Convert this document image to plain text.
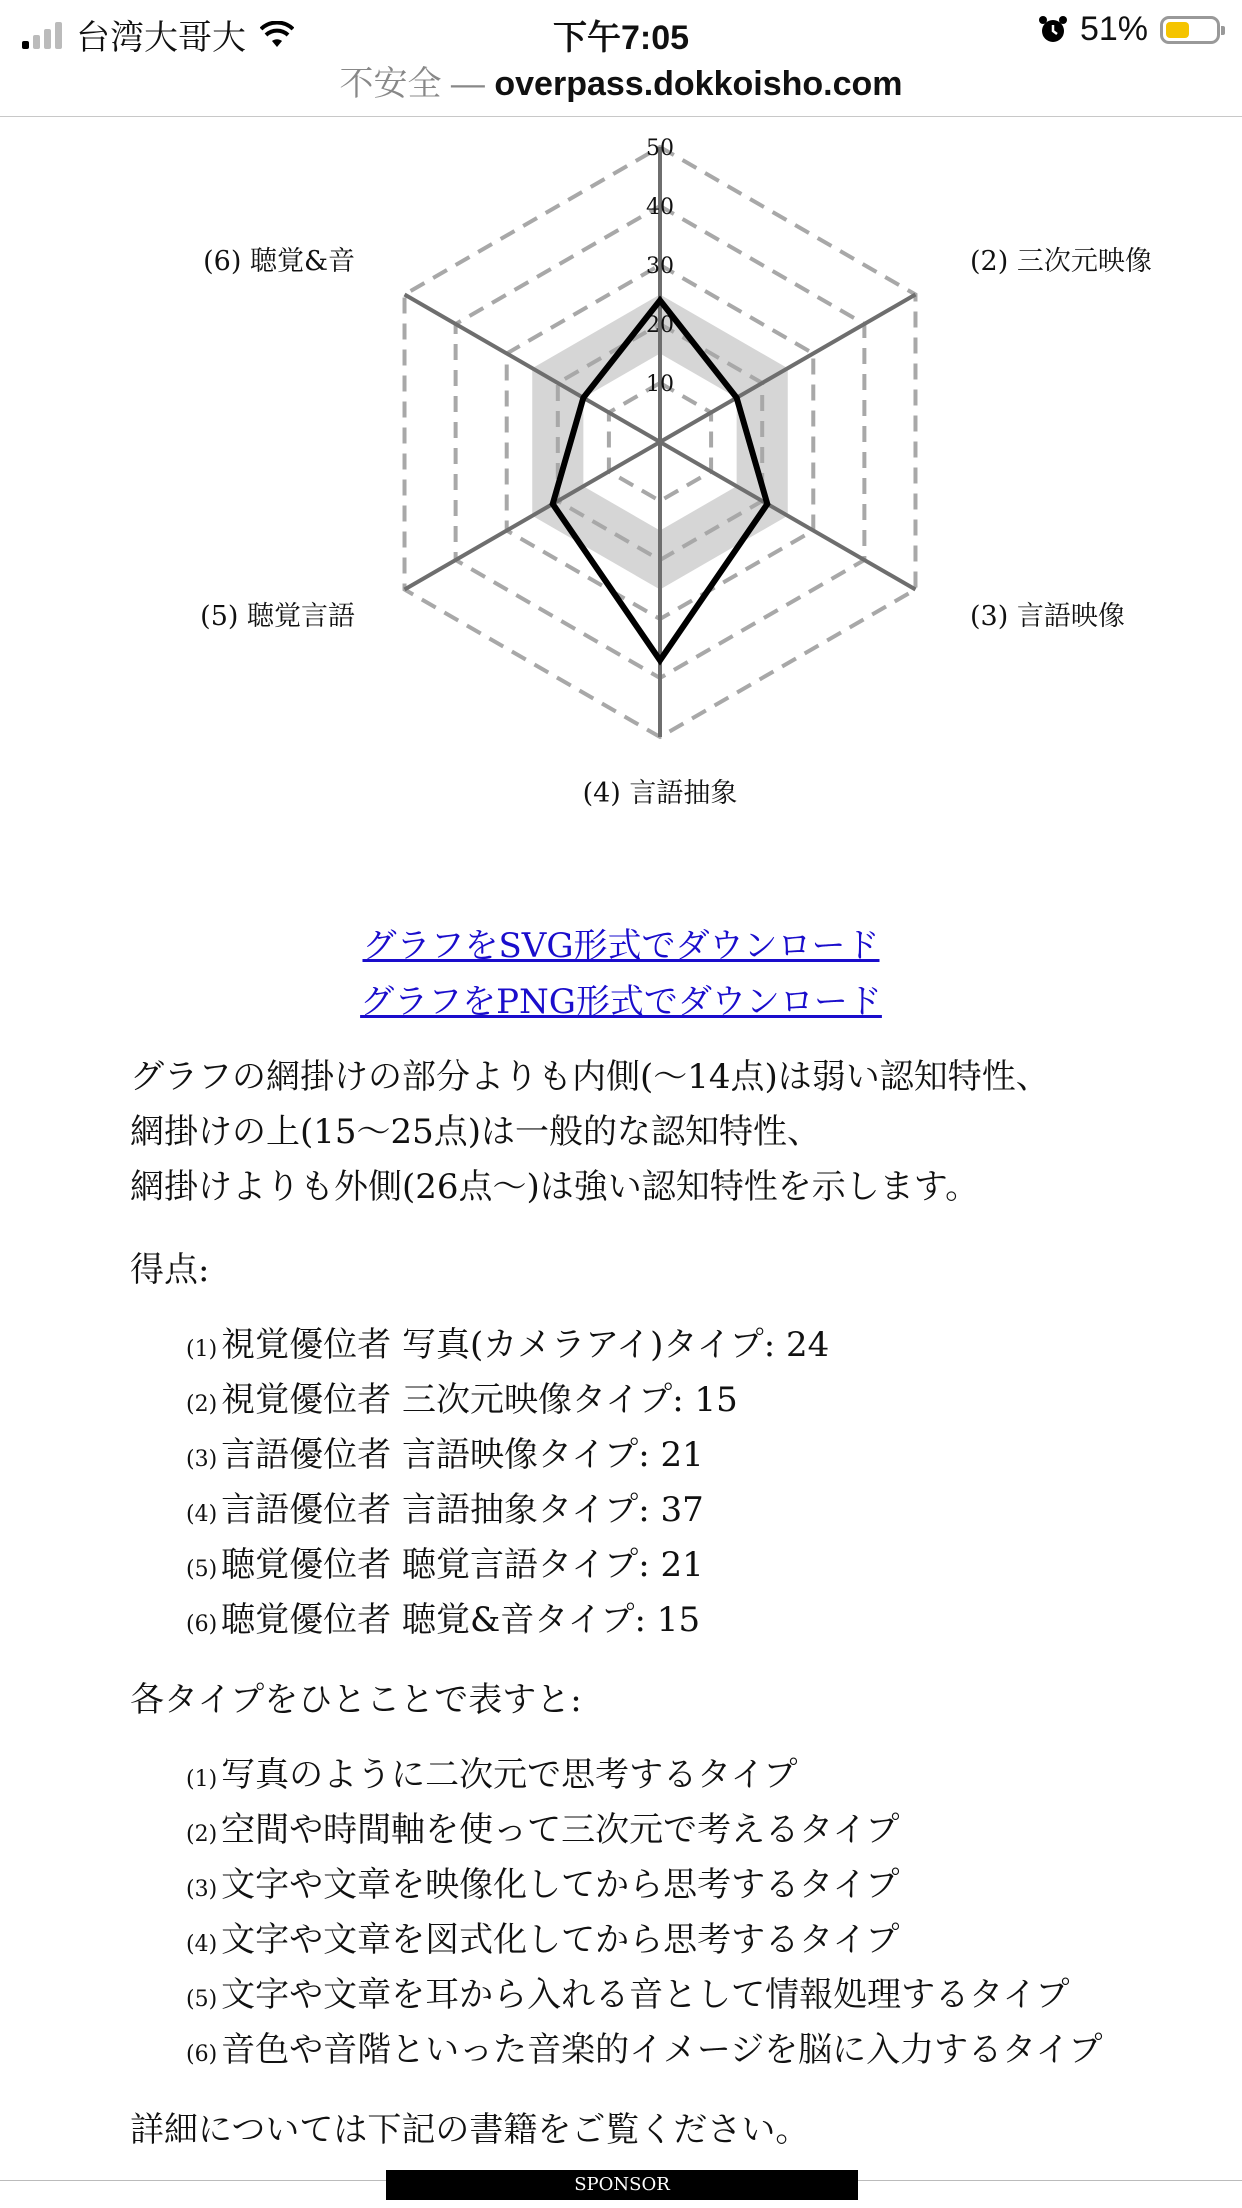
台湾大哥大	下午7:05	51%
不安全 — overpass.dokkoisho.com
10
20
30
40
50
(2) 三次元映像
(3) 言語映像
(4) 言語抽象
(5) 聴覚言語
(6) 聴覚&音
グラフをSVG形式でダウンロード
グラフをPNG形式でダウンロード
グラフの網掛けの部分よりも内側(〜14点)は弱い認知特性、
網掛けの上(15〜25点)は一般的な認知特性、
網掛けよりも外側(26点〜)は強い認知特性を示します。
得点:
(1) 視覚優位者 写真(カメラアイ)タイプ: 24
(2) 視覚優位者 三次元映像タイプ: 15
(3) 言語優位者 言語映像タイプ: 21
(4) 言語優位者 言語抽象タイプ: 37
(5) 聴覚優位者 聴覚言語タイプ: 21
(6) 聴覚優位者 聴覚&音タイプ: 15
各タイプをひとことで表すと:
(1) 写真のように二次元で思考するタイプ
(2) 空間や時間軸を使って三次元で考えるタイプ
(3) 文字や文章を映像化してから思考するタイプ
(4) 文字や文章を図式化してから思考するタイプ
(5) 文字や文章を耳から入れる音として情報処理するタイプ
(6) 音色や音階といった音楽的イメージを脳に入力するタイプ
詳細については下記の書籍をご覧ください。
SPONSOR
